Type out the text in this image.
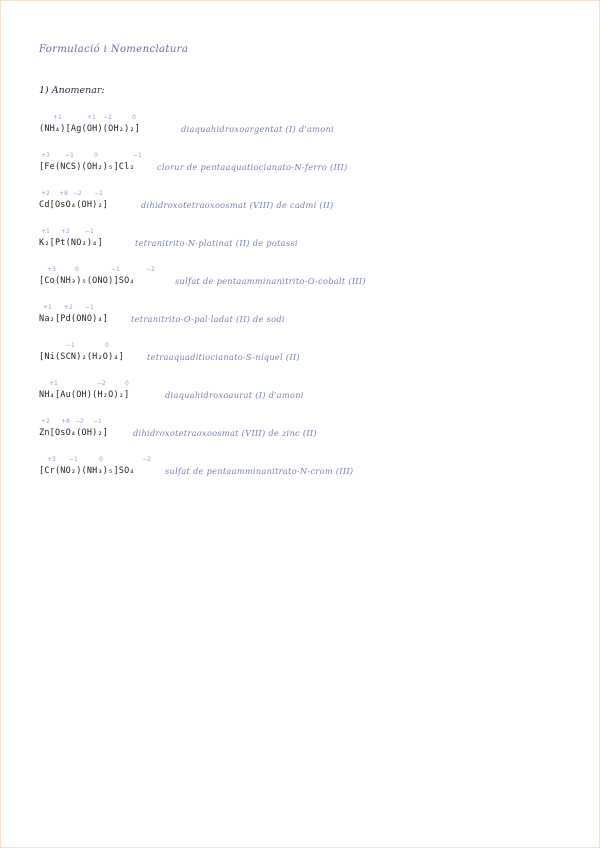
Formulació i Nomenclatura
1) Anomenar:
+1	+1 −2	0
(NH₄)[Ag(OH)(OH₂)₂]	diaquahidroxoargentat (I) d'amoni
+3	−1	0	−1
[Fe(NCS)(OH₂)₅]Cl₂	clorur de pentaaquatiocianato-N-ferro (III)
+2 +8 −2 −1
Cd[OsO₄(OH)₂]	dihidroxotetraoxoosmat (VIII) de cadmi (II)
+1 +2	−1
K₂[Pt(NO₂)₄]	tetranitrito-N-platinat (II) de potassi
+3	0	−1	−2
[Co(NH₃)₅(ONO)]SO₄	sulfat de pentaamminanitrito-O-cobalt (III)
+1 +2 −1
Na₂[Pd(ONO)₄]	tetranitrito-O-pal·ladat (II) de sodi
−1	0
[Ni(SCN)₂(H₂O)₄]	tetraaquaditiocianato-S-níquel (II)
+1	−2	0
NH₄[Au(OH)(H₂O)₂]	diaquahidroxoaurat (I) d'amoni
+2 +8 −2 −1
Zn[OsO₄(OH)₂]	dihidroxotetraoxoosmat (VIII) de zinc (II)
+3 −1	0	−2
[Cr(NO₂)(NH₃)₅]SO₄	sulfat de pentaamminanitrato-N-crom (III)
